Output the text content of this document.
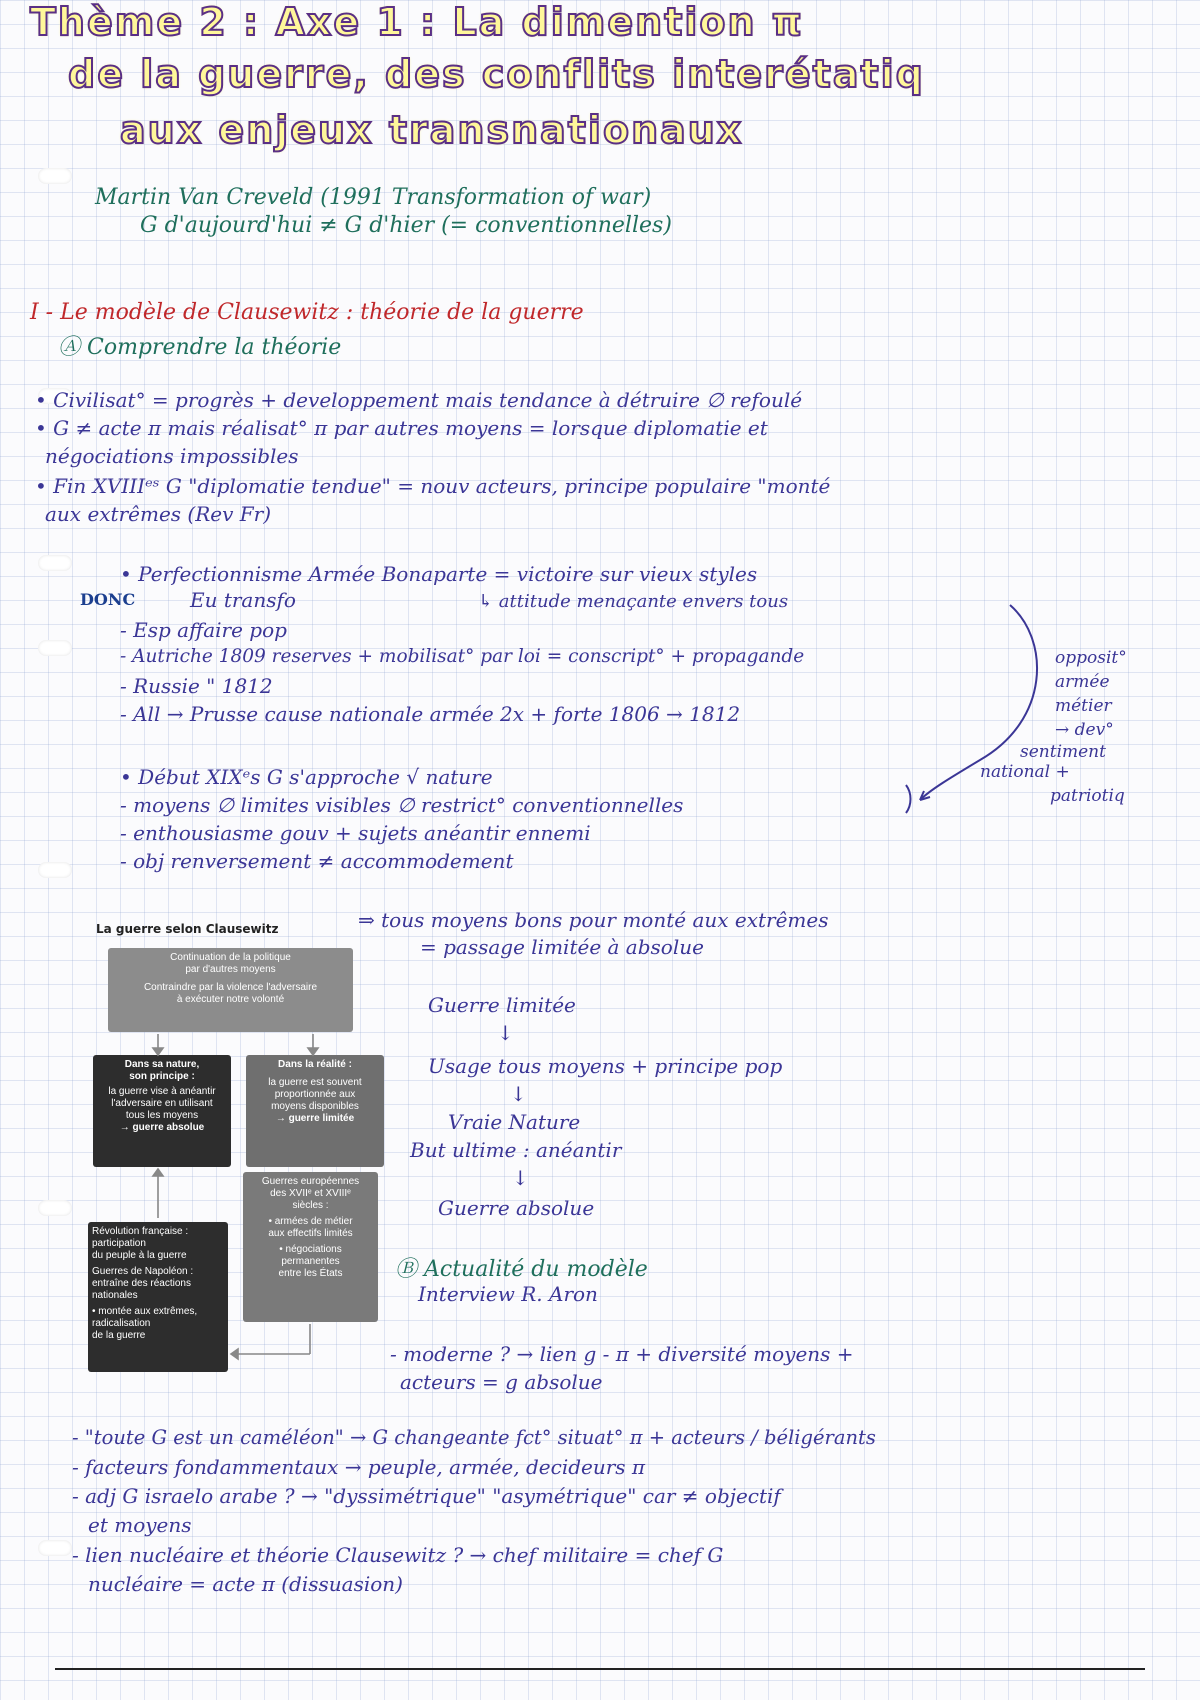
Thème 2 : Axe 1 : La dimention π
de la guerre, des conflits interétatiq
aux enjeux transnationaux
Martin Van Creveld (1991 Transformation of war)
G d'aujourd'hui ≠ G d'hier (= conventionnelles)
I - Le modèle de Clausewitz : théorie de la guerre
Ⓐ Comprendre la théorie
• Civilisat° = progrès + developpement mais tendance à détruire ∅ refoulé
• G ≠ acte π mais réalisat° π par autres moyens = lorsque diplomatie et
négociations impossibles
• Fin XVIIIᵉˢ G "diplomatie tendue" = nouv acteurs, principe populaire "monté
aux extrêmes (Rev Fr)
• Perfectionnisme Armée Bonaparte = victoire sur vieux styles
DONC	Eu transfo	↳ attitude menaçante envers tous
- Esp affaire pop
- Autriche 1809 reserves + mobilisat° par loi = conscript° + propagande
- Russie " 1812
- All → Prusse cause nationale armée 2x + forte 1806 → 1812
opposit°
armée
métier
→ dev°
sentiment
national +
patriotiq
• Début XIXᵉs G s'approche √ nature
- moyens ∅ limites visibles ∅ restrict° conventionnelles
- enthousiasme gouv + sujets anéantir ennemi
- obj renversement ≠ accommodement
⇒ tous moyens bons pour monté aux extrêmes
= passage limitée à absolue
Guerre limitée
↓
Usage tous moyens + principe pop
↓
Vraie Nature
But ultime : anéantir
↓
Guerre absolue
La guerre selon Clausewitz
Continuation de la politique
par d'autres moyens
Contraindre par la violence l'adversaire
à exécuter notre volonté
Dans sa nature,
son principe :
la guerre vise à anéantir
l'adversaire en utilisant
tous les moyens
→ guerre absolue
Dans la réalité :
la guerre est souvent
proportionnée aux
moyens disponibles
→ guerre limitée
Révolution française :
participation
du peuple à la guerre
Guerres de Napoléon :
entraîne des réactions
nationales
• montée aux extrêmes,
radicalisation
de la guerre
Guerres européennes
des XVIIᵉ et XVIIIᵉ
siècles :
• armées de métier
aux effectifs limités
• négociations
permanentes
entre les États	Ⓑ Actualité du modèle
Interview R. Aron
- moderne ? → lien g - π + diversité moyens +
acteurs = g absolue
- "toute G est un caméléon" → G changeante fct° situat° π + acteurs / béligérants
- facteurs fondammentaux → peuple, armée, decideurs π
- adj G israelo arabe ? → "dyssimétrique" "asymétrique" car ≠ objectif
et moyens
- lien nucléaire et théorie Clausewitz ? → chef militaire = chef G
nucléaire = acte π (dissuasion)
